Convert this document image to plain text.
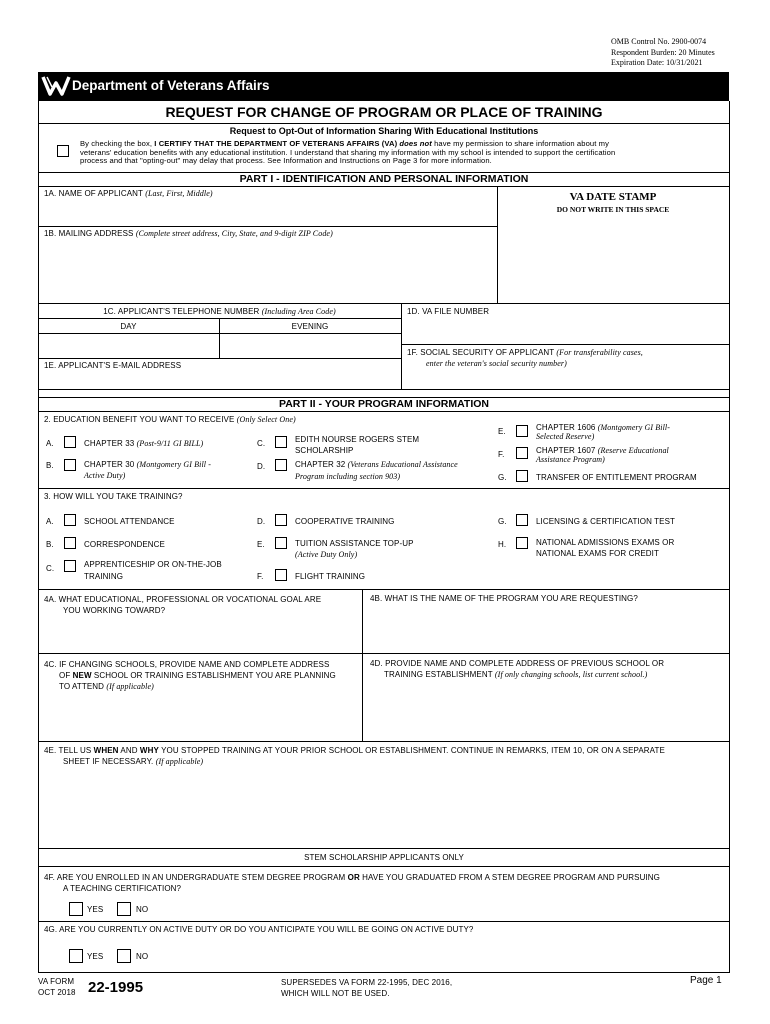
OMB Control No. 2900-0074
Respondent Burden: 20 Minutes
Expiration Date: 10/31/2021
Department of Veterans Affairs
REQUEST FOR CHANGE OF PROGRAM OR PLACE OF TRAINING
Request to Opt-Out of Information Sharing With Educational Institutions
By checking the box, I CERTIFY THAT THE DEPARTMENT OF VETERANS AFFAIRS (VA) does not have my permission to share information about my
veterans' education benefits with any educational institution. I understand that sharing my information with my school is intended to support the certification
process and that "opting-out" may delay that process. See Information and Instructions on Page 3 for more information.
PART I - IDENTIFICATION AND PERSONAL INFORMATION
1A. NAME OF APPLICANT (Last, First, Middle)	VA DATE STAMP
DO NOT WRITE IN THIS SPACE
1B. MAILING ADDRESS (Complete street address, City, State, and 9-digit ZIP Code)
1C. APPLICANT'S TELEPHONE NUMBER (Including Area Code)	1D. VA FILE NUMBER
DAY	EVENING
1E. APPLICANT'S E-MAIL ADDRESS
1F. SOCIAL SECURITY OF APPLICANT (For transferability cases,
enter the veteran's social security number)
PART II - YOUR PROGRAM INFORMATION
2. EDUCATION BENEFIT YOU WANT TO RECEIVE (Only Select One)
A.	CHAPTER 33 (Post-9/11 GI BILL)
B.	CHAPTER 30 (Montgomery GI Bill -
Active Duty)
C.	EDITH NOURSE ROGERS STEM
SCHOLARSHIP
D.	CHAPTER 32 (Veterans Educational Assistance
Program including section 903)
E.	CHAPTER 1606 (Montgomery GI Bill-
Selected Reserve)
F.	CHAPTER 1607 (Reserve Educational
Assistance Program)
G.	TRANSFER OF ENTITLEMENT PROGRAM
3. HOW WILL YOU TAKE TRAINING?
A.	SCHOOL ATTENDANCE
B.	CORRESPONDENCE
C.	APPRENTICESHIP OR ON-THE-JOB
TRAINING
D.	COOPERATIVE TRAINING
E.	TUITION ASSISTANCE TOP-UP
(Active Duty Only)
F.	FLIGHT TRAINING
G.	LICENSING & CERTIFICATION TEST
H.	NATIONAL ADMISSIONS EXAMS OR
NATIONAL EXAMS FOR CREDIT
4A. WHAT EDUCATIONAL, PROFESSIONAL OR VOCATIONAL GOAL ARE
YOU WORKING TOWARD?
4B. WHAT IS THE NAME OF THE PROGRAM YOU ARE REQUESTING?
4C. IF CHANGING SCHOOLS, PROVIDE NAME AND COMPLETE ADDRESS
OF NEW SCHOOL OR TRAINING ESTABLISHMENT YOU ARE PLANNING
TO ATTEND (If applicable)
4D. PROVIDE NAME AND COMPLETE ADDRESS OF PREVIOUS SCHOOL OR
TRAINING ESTABLISHMENT (If only changing schools, list current school.)
4E. TELL US WHEN AND WHY YOU STOPPED TRAINING AT YOUR PRIOR SCHOOL OR ESTABLISHMENT. CONTINUE IN REMARKS, ITEM 10, OR ON A SEPARATE
SHEET IF NECESSARY. (If applicable)
STEM SCHOLARSHIP APPLICANTS ONLY
4F. ARE YOU ENROLLED IN AN UNDERGRADUATE STEM DEGREE PROGRAM OR HAVE YOU GRADUATED FROM A STEM DEGREE PROGRAM AND PURSUING
A TEACHING CERTIFICATION?
YES	NO
4G. ARE YOU CURRENTLY ON ACTIVE DUTY OR DO YOU ANTICIPATE YOU WILL BE GOING ON ACTIVE DUTY?
YES	NO
VA FORM
OCT 2018 22-1995	SUPERSEDES VA FORM 22-1995, DEC 2016,
WHICH WILL NOT BE USED.
Page 1
